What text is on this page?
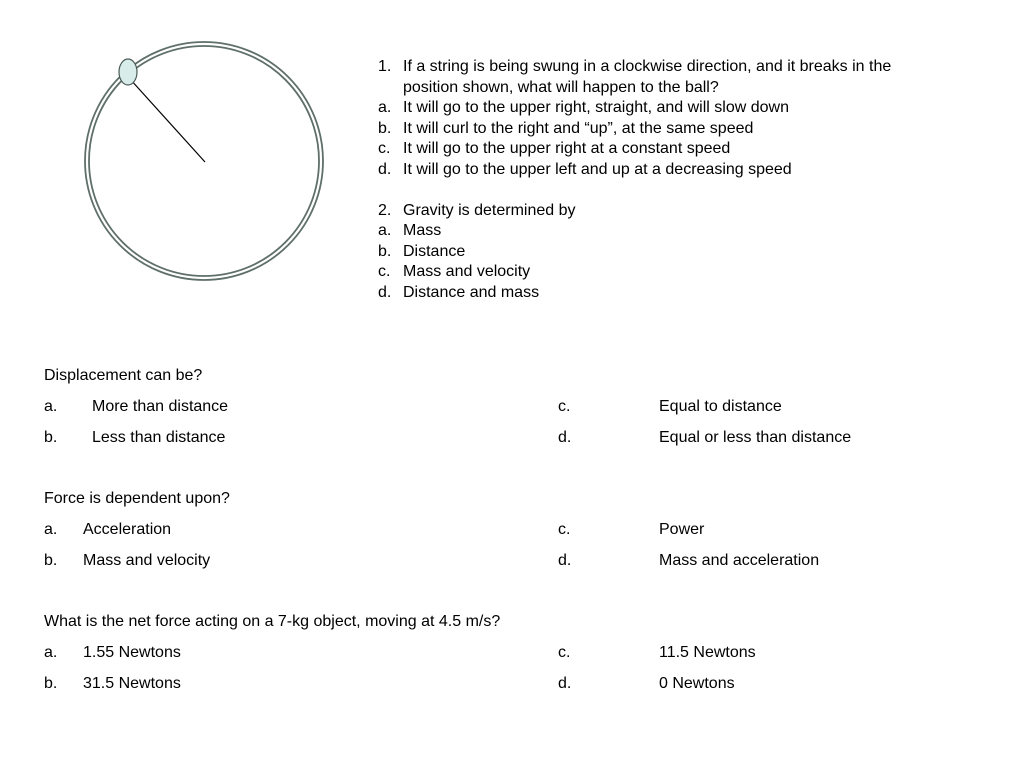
1. If a string is being swung in a clockwise direction, and it breaks in the
position shown, what will happen to the ball?
a. It will go to the upper right, straight, and will slow down
b. It will curl to the right and “up”, at the same speed
c. It will go to the upper right at a constant speed
d. It will go to the upper left and up at a decreasing speed
2. Gravity is determined by
a. Mass
b. Distance
c. Mass and velocity
d. Distance and mass
Displacement can be?
a. More than distance
b. Less than distance
c.	Equal to distance
d.	Equal or less than distance
Force is dependent upon?
a. Acceleration
b. Mass and velocity
c.	Power
d.	Mass and acceleration
What is the net force acting on a 7-kg object, moving at 4.5 m/s?
a. 1.55 Newtons
b. 31.5 Newtons
c.	11.5 Newtons
d.	0 Newtons
